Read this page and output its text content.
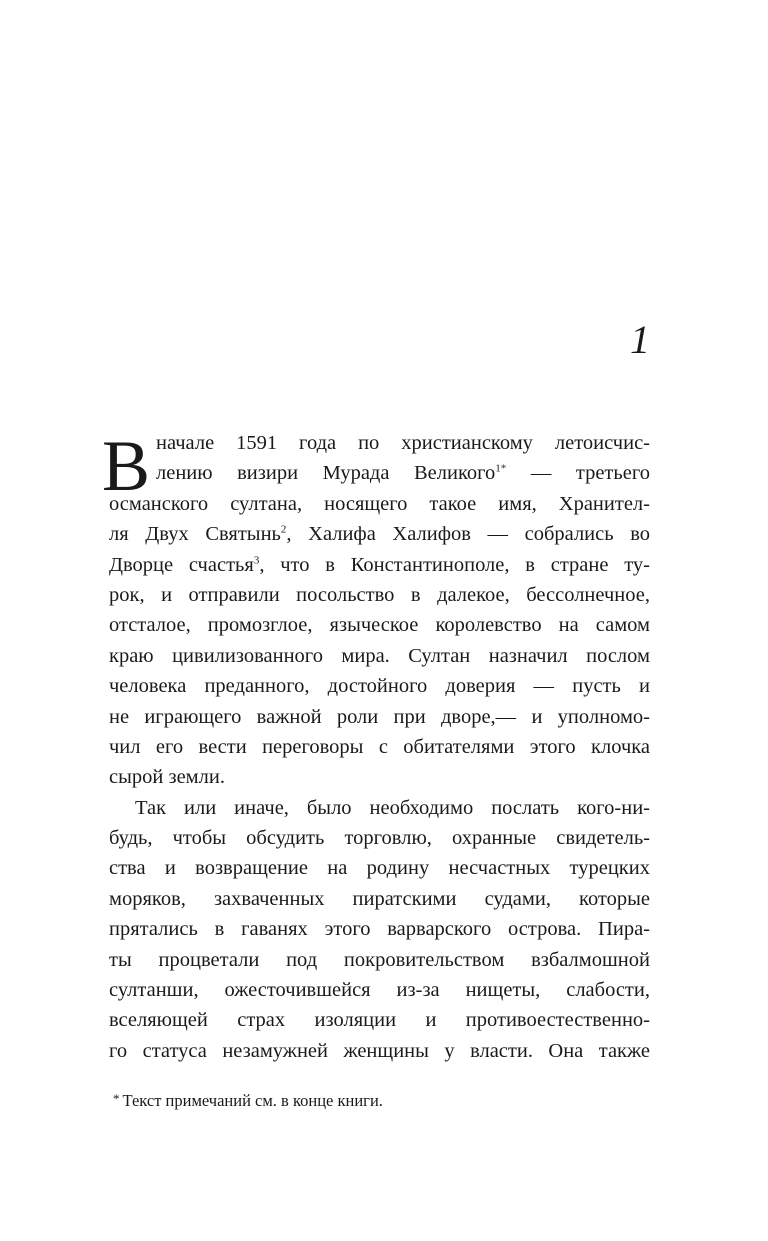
1
В начале 1591 года по христианскому летоисчис-
лению визири Мурада Великого$^{1*}$ — третьего
османского султана, носящего такое имя, Хранител-
ля Двух Святынь$^2$, Халифа Халифов — собрались во
Дворце счастья$^3$, что в Константинополе, в стране ту-
рок, и отправили посольство в далекое, бессолнечное,
отсталое, промозглое, языческое королевство на самом
краю цивилизованного мира. Султан назначил послом
человека преданного, достойного доверия — пусть и
не играющего важной роли при дворе,— и уполномо-
чил его вести переговоры с обитателями этого клочка
сырой земли.
Так или иначе, было необходимо послать кого-ни-
будь, чтобы обсудить торговлю, охранные свидетель-
ства и возвращение на родину несчастных турецких
моряков, захваченных пиратскими судами, которые
прятались в гаванях этого варварского острова. Пира-
ты процветали под покровительством взбалмошной
султанши, ожесточившейся из-за нищеты, слабости,
вселяющей страх изоляции и противоестественно-
го статуса незамужней женщины у власти. Она также
* Текст примечаний см. в конце книги.
